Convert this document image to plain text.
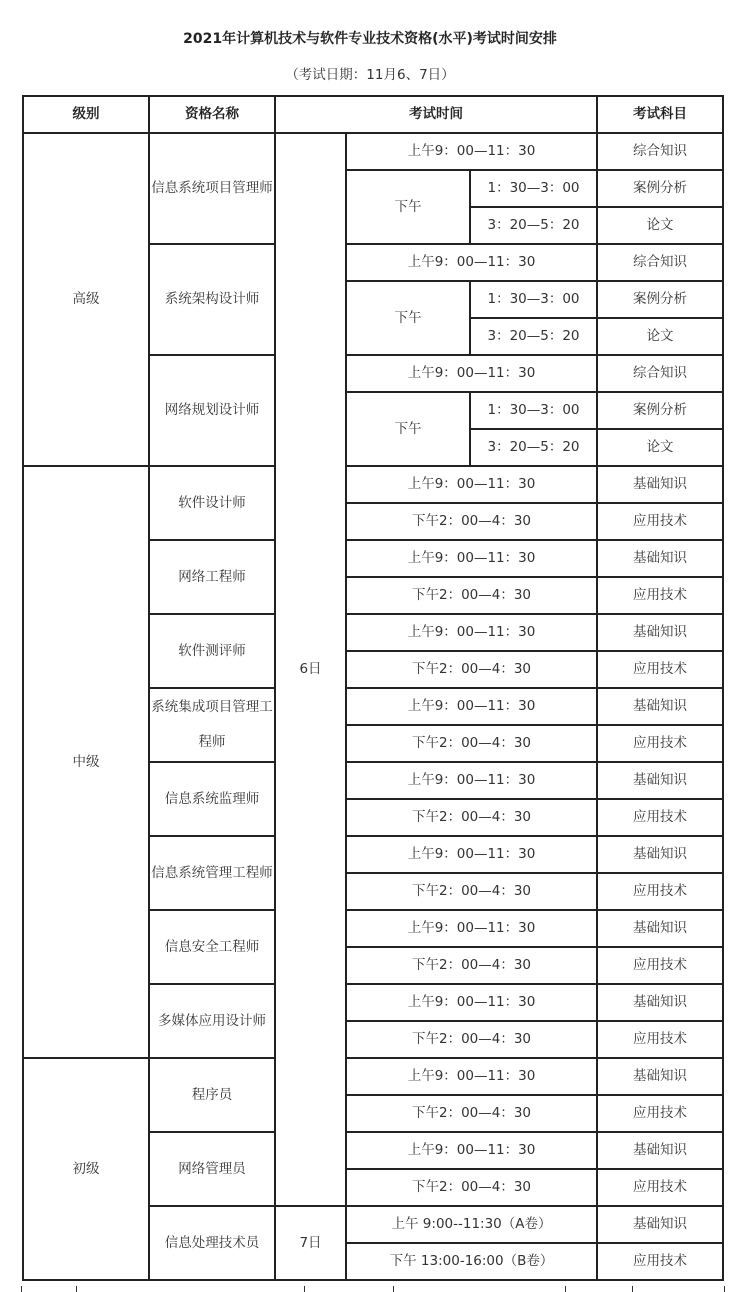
2021年计算机技术与软件专业技术资格(水平)考试时间安排
（考试日期：11月6、7日）
级别	资格名称	考试时间			考试科目
高级	信息系统项目管理师	6日	上午9：00—11：30		综合知识
			下午	1：30—3：00	案例分析
				3：20—5：20	论文
	系统架构设计师		上午9：00—11：30		综合知识
			下午	1：30—3：00	案例分析
				3：20—5：20	论文
	网络规划设计师		上午9：00—11：30		综合知识
			下午	1：30—3：00	案例分析
				3：20—5：20	论文
中级	软件设计师		上午9：00—11：30		基础知识
			下午2：00—4：30		应用技术
	网络工程师		上午9：00—11：30		基础知识
			下午2：00—4：30		应用技术
	软件测评师		上午9：00—11：30		基础知识
			下午2：00—4：30		应用技术
	系统集成项目管理工程师		上午9：00—11：30		基础知识
			下午2：00—4：30		应用技术
	信息系统监理师		上午9：00—11：30		基础知识
			下午2：00—4：30		应用技术
	信息系统管理工程师		上午9：00—11：30		基础知识
			下午2：00—4：30		应用技术
	信息安全工程师		上午9：00—11：30		基础知识
			下午2：00—4：30		应用技术
	多媒体应用设计师		上午9：00—11：30		基础知识
			下午2：00—4：30		应用技术
初级	程序员		上午9：00—11：30		基础知识
			下午2：00—4：30		应用技术
	网络管理员		上午9：00—11：30		基础知识
			下午2：00—4：30		应用技术
	信息处理技术员	7日	上午 9:00--11:30（A卷）		基础知识
			下午 13:00-16:00（B卷）		应用技术
